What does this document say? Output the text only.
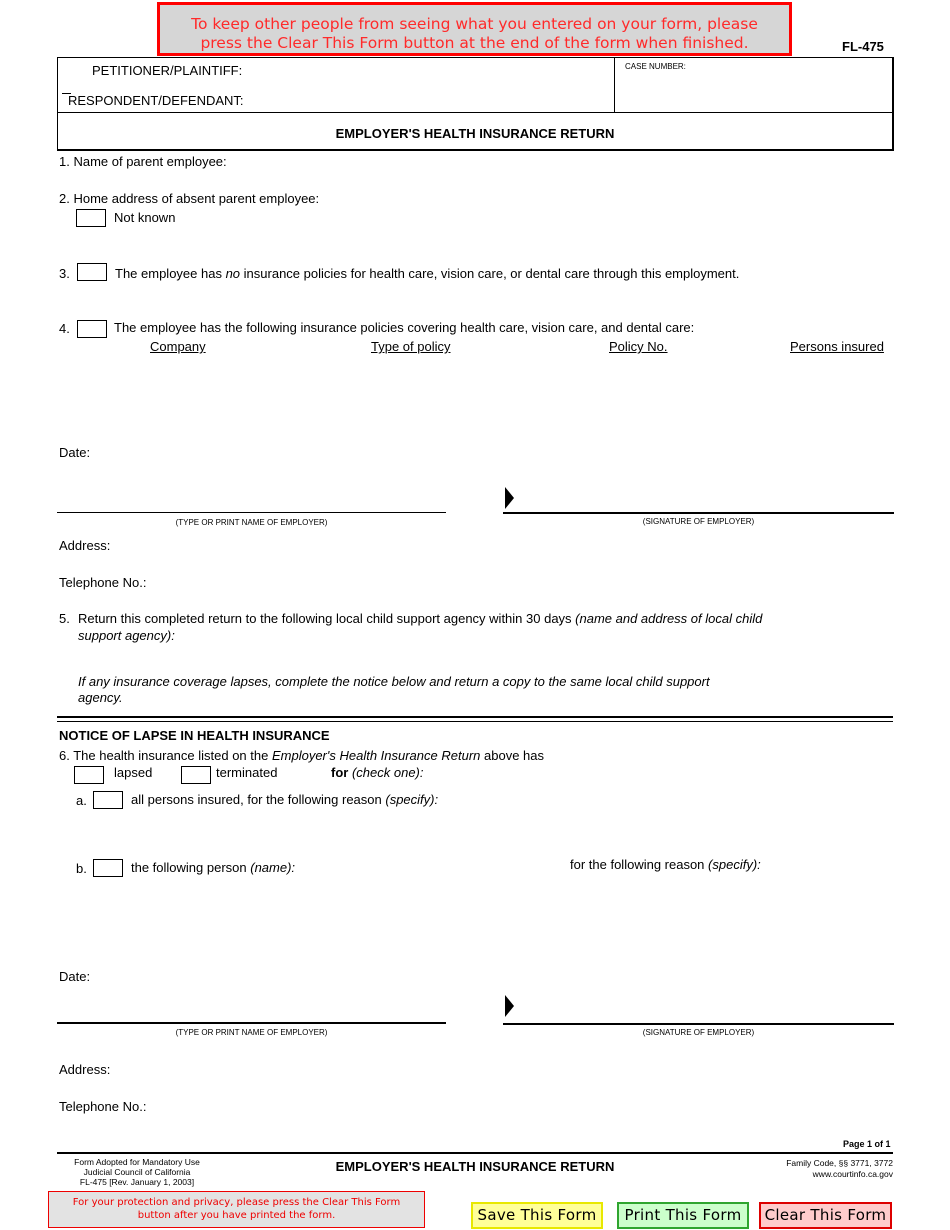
To keep other people from seeing what you entered on your form, please
press the Clear This Form button at the end of the form when finished.	FL-475
PETITIONER/PLAINTIFF:
RESPONDENT/DEFENDANT:
CASE NUMBER:
EMPLOYER'S HEALTH INSURANCE RETURN
1. Name of parent employee:
2. Home address of absent parent employee:
Not known
3.	The employee has no insurance policies for health care, vision care, or dental care through this employment.
4.	The employee has the following insurance policies covering health care, vision care, and dental care:
Company	Type of policy	Policy No.	Persons insured
Date:
(TYPE OR PRINT NAME OF EMPLOYER)	(SIGNATURE OF EMPLOYER)
Address:
Telephone No.:
5. Return this completed return to the following local child support agency within 30 days (name and address of local child
support agency):
If any insurance coverage lapses, complete the notice below and return a copy to the same local child support
agency.
NOTICE OF LAPSE IN HEALTH INSURANCE
6. The health insurance listed on the Employer's Health Insurance Return above has
lapsed	terminated	for (check one):
a.	all persons insured, for the following reason (specify):
b.	the following person (name):	for the following reason (specify):
Date:
(TYPE OR PRINT NAME OF EMPLOYER)	(SIGNATURE OF EMPLOYER)
Address:
Telephone No.:
Page 1 of 1
Form Adopted for Mandatory Use
Judicial Council of California
FL-475 [Rev. January 1, 2003]
EMPLOYER'S HEALTH INSURANCE RETURN	Family Code, §§ 3771, 3772
www.courtinfo.ca.gov
For your protection and privacy, please press the Clear This Form
button after you have printed the form.	Save This Form	Print This Form	Clear This Form
